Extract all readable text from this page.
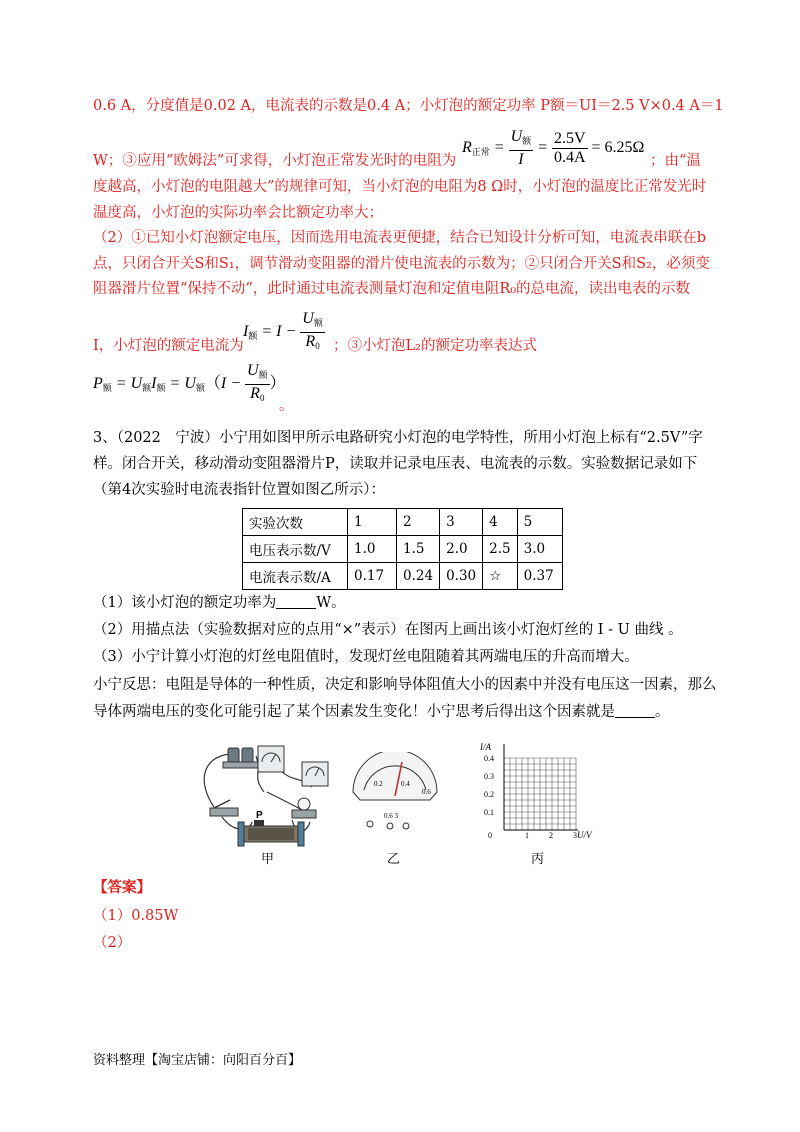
0.6 A，分度值是0.02 A，电流表的示数是0.4 A；小灯泡的额定功率 P额＝UI＝2.5 V×0.4 A＝1
W；③应用“欧姆法”可求得，小灯泡正常发光时的电阻为
$R_{正常} = \frac{U_额}{I} = \frac{2.5V}{0.4A} = 6.25\Omega$
；由“温
度越高，小灯泡的电阻越大”的规律可知，当小灯泡的电阻为8 Ω时，小灯泡的温度比正常发光时
温度高，小灯泡的实际功率会比额定功率大；
（2）①已知小灯泡额定电压，因而选用电流表更便捷，结合已知设计分析可知，电流表串联在b
点，只闭合开关S和S₁，调节滑动变阻器的滑片使电流表的示数为；②只闭合开关S和S₂，必须变
阻器滑片位置“保持不动”，此时通过电流表测量灯泡和定值电阻R₀的总电流，读出电表的示数
I，小灯泡的额定电流为
$I_额 = I - \frac{U_额}{R_0}$ ；③小灯泡L₂的额定功率表达式
$P_额 = U_额I_额 = U_额(I - \frac{U_额}{R_0}$ ）
。
3、（2022　宁波）小宁用如图甲所示电路研究小灯泡的电学特性，所用小灯泡上标有“2.5V”字
样。闭合开关，移动滑动变阻器滑片P，读取并记录电压表、电流表的示数。实验数据记录如下
（第4次实验时电流表指针位置如图乙所示）：
实验次数	1	2	3	4	5
电压表示数/V	1.0	1.5	2.0	2.5	3.0
电流表示数/A	0.17	0.24	0.30	☆	0.37
（1）该小灯泡的额定功率为	W。
（2）用描点法（实验数据对应的点用“×”表示）在图丙上画出该小灯泡灯丝的 I - U 曲线 。
（3）小宁计算小灯泡的灯丝电阻值时，发现灯丝电阻随着其两端电压的升高而增大。
小宁反思：电阻是导体的一种性质，决定和影响导体阻值大小的因素中并没有电压这一因素，那么
导体两端电压的变化可能引起了某个因素发生变化！小宁思考后得出这个因素就是	。
P
0.2	0.4
0.6
0.6 3
I/A
U/V
0.4
0.3
0.2
0.1
0	1	2	3
甲	乙	丙
【答案】
（1）0.85W
（2）
资料整理【淘宝店铺：向阳百分百】
